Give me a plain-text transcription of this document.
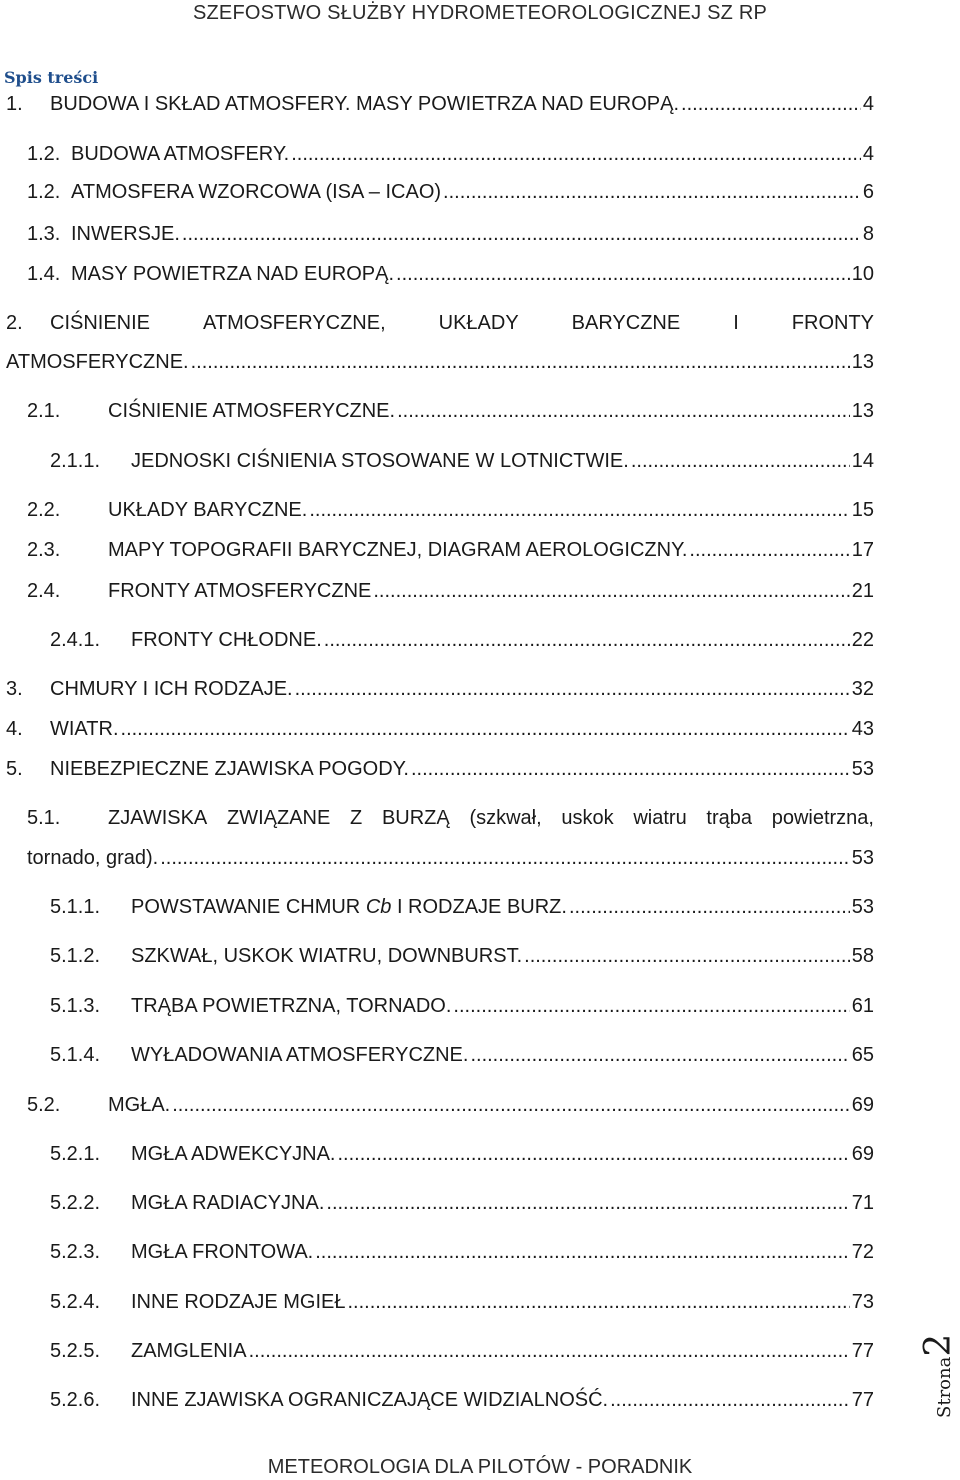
SZEFOSTWO SŁUŻBY HYDROMETEOROLOGICZNEJ SZ RP
Spis treści
1. BUDOWA I SKŁAD ATMOSFERY. MASY POWIETRZA NAD EUROPĄ. .....	4
1.2. BUDOWA ATMOSFERY. .....	4
1.2. ATMOSFERA WZORCOWA (ISA – ICAO) .....	6
1.3. INWERSJE. .....	8
1.4. MASY POWIETRZA NAD EUROPĄ. .....	10
2. CIŚNIENIE	ATMOSFERYCZNE,	UKŁADY	BARYCZNE	I	FRONTY
ATMOSFERYCZNE. .....	13
2.1. CIŚNIENIE ATMOSFERYCZNE. .....	13
2.1.1. JEDNOSKI CIŚNIENIA STOSOWANE W LOTNICTWIE. .....	14
2.2. UKŁADY BARYCZNE. .....	15
2.3. MAPY TOPOGRAFII BARYCZNEJ, DIAGRAM AEROLOGICZNY. .....	17
2.4. FRONTY ATMOSFERYCZNE .....	21
2.4.1. FRONTY CHŁODNE. .....	22
3. CHMURY I ICH RODZAJE. .....	32
4. WIATR. .....	43
5. NIEBEZPIECZNE ZJAWISKA POGODY. .....	53
5.1. ZJAWISKA ZWIĄZANE Z BURZĄ (szkwał, uskok wiatru trąba powietrzna,
tornado, grad). .....	53
5.1.1. POWSTAWANIE CHMUR Cb I RODZAJE BURZ. .....	53
5.1.2. SZKWAŁ, USKOK WIATRU, DOWNBURST. .....	58
5.1.3. TRĄBA POWIETRZNA, TORNADO. .....	61
5.1.4. WYŁADOWANIA ATMOSFERYCZNE. .....	65
5.2. MGŁA. .....	69
5.2.1. MGŁA ADWEKCYJNA. .....	69
5.2.2. MGŁA RADIACYJNA. .....	71
5.2.3. MGŁA FRONTOWA. .....	72
5.2.4. INNE RODZAJE MGIEŁ .....	73
5.2.5. ZAMGLENIA .....	77
5.2.6. INNE ZJAWISKA OGRANICZAJĄCE WIDZIALNOŚĆ. .....	77	Strona2
METEOROLOGIA DLA PILOTÓW - PORADNIK
